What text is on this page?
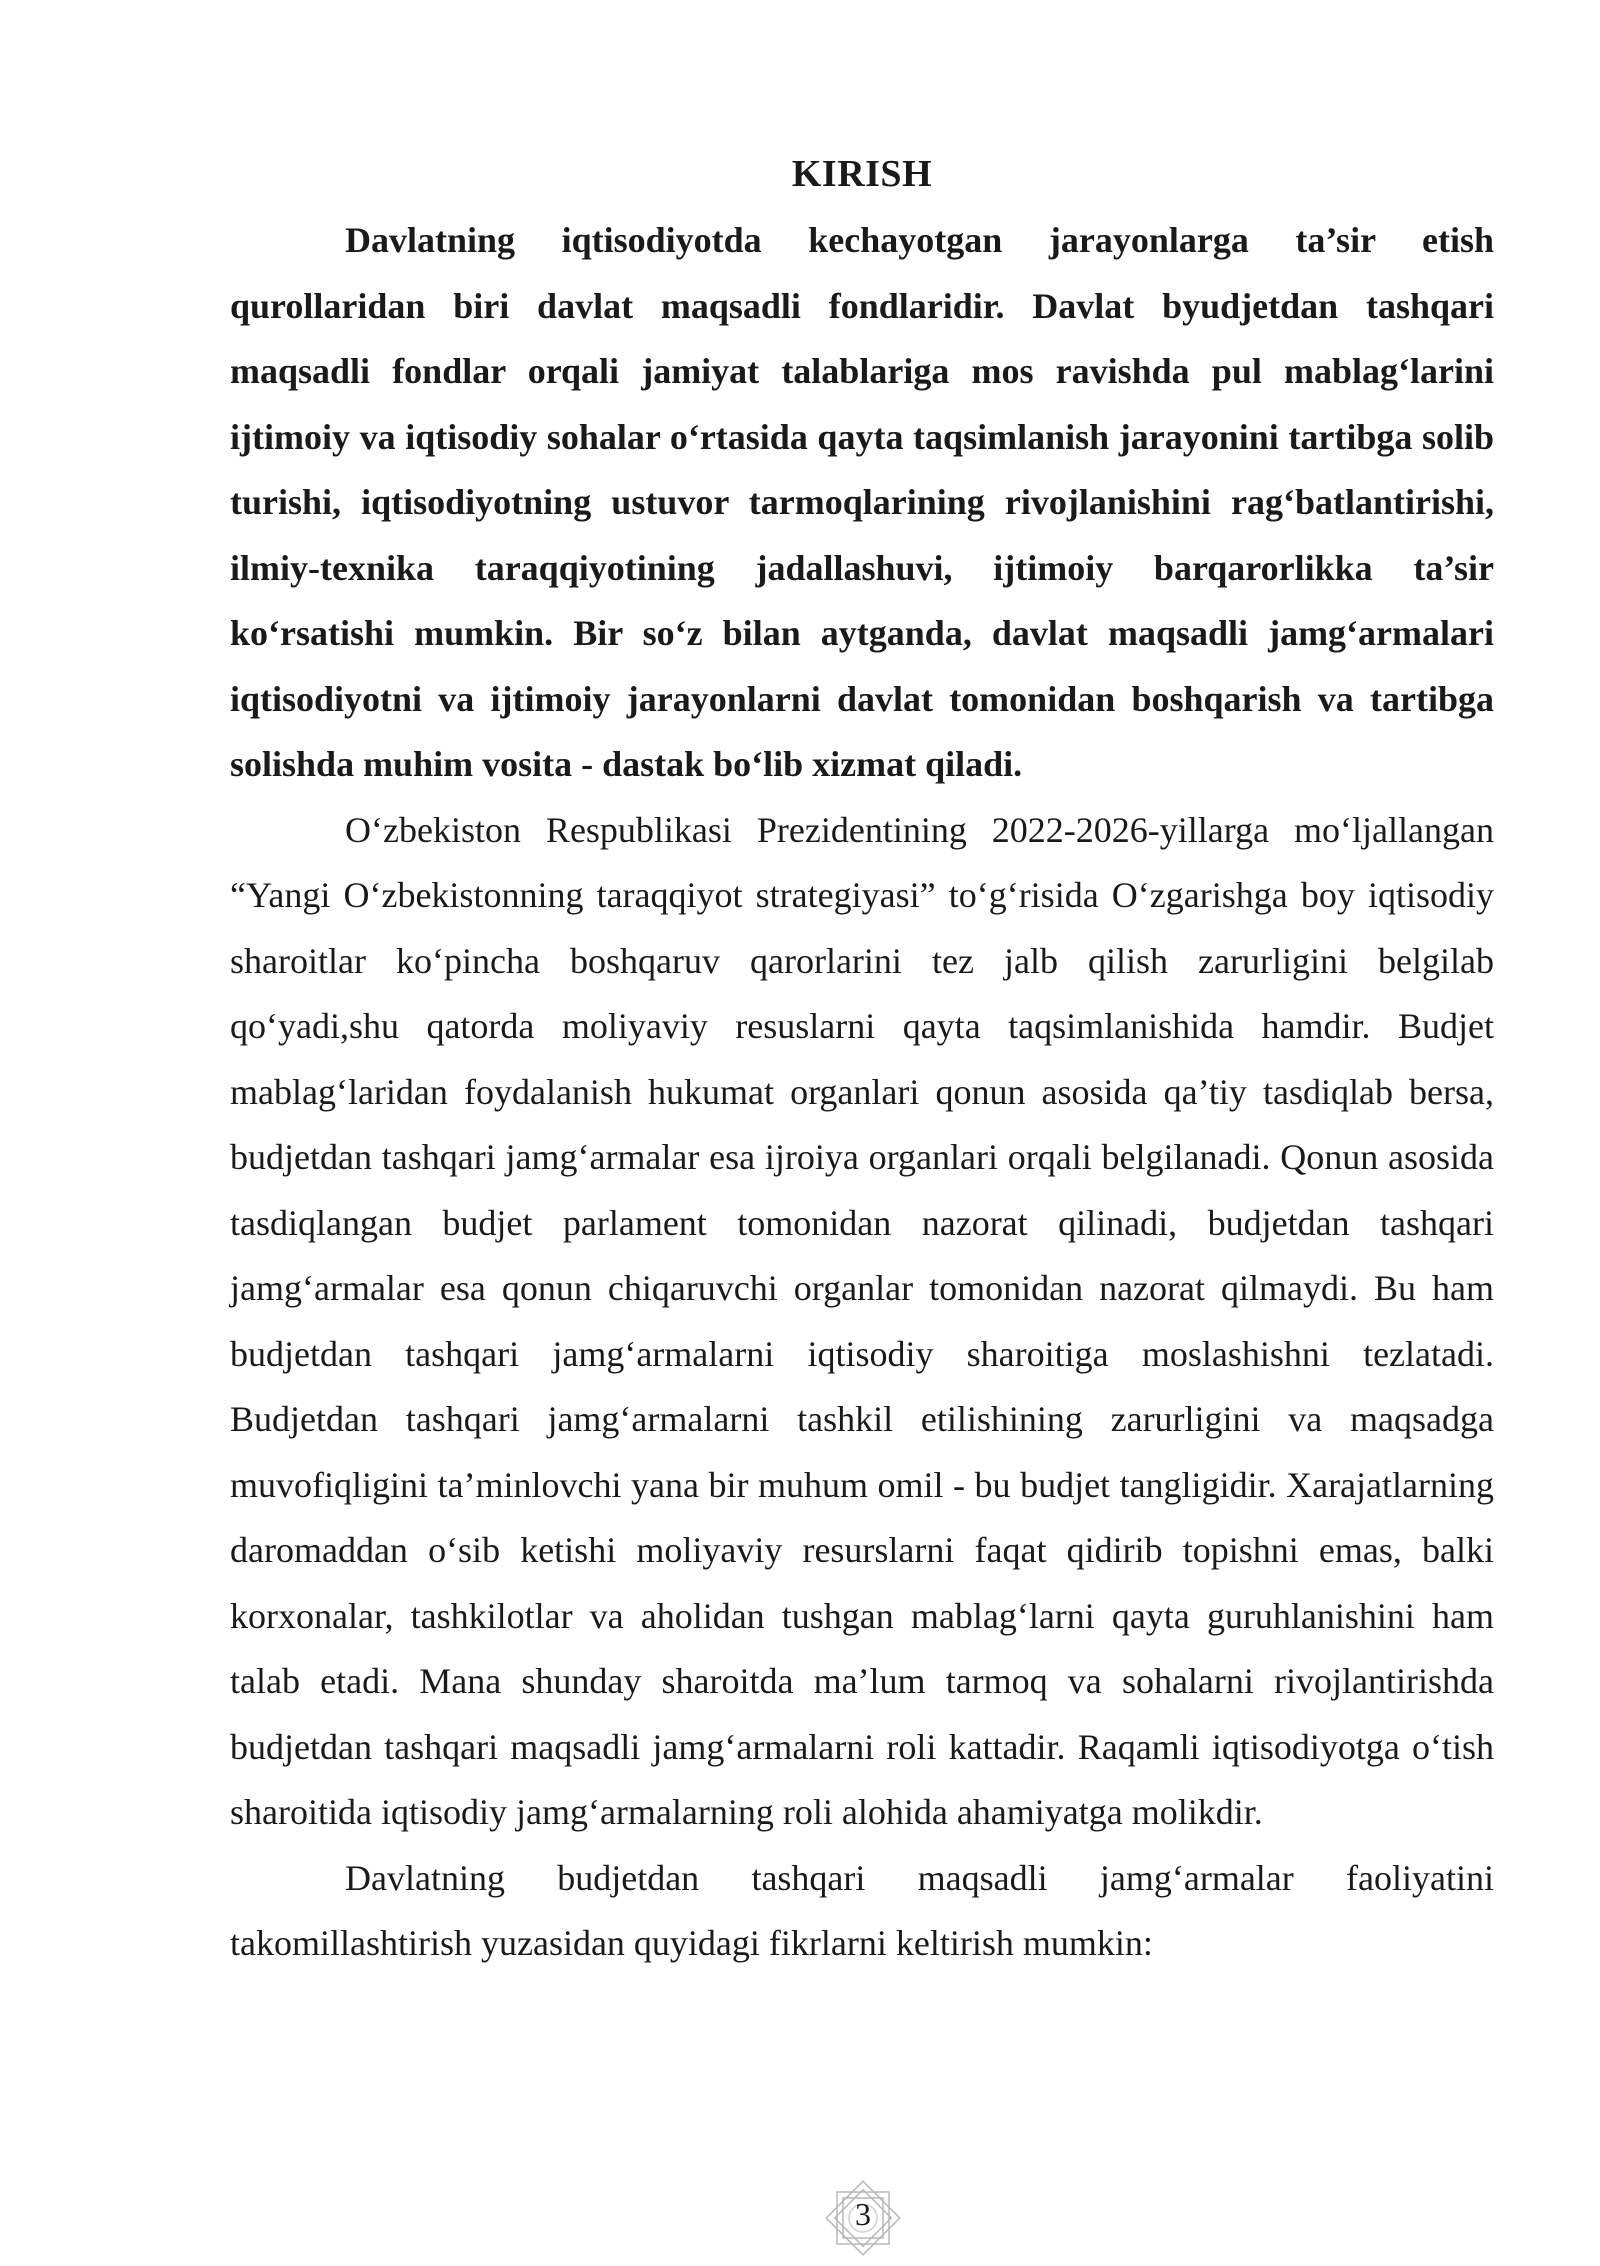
KIRISH

Davlatning iqtisodiyotda kechayotgan jarayonlarga ta’sir etish qurollaridan biri davlat maqsadli fondlaridir. Davlat byudjetdan tashqari maqsadli fondlar orqali jamiyat talablariga mos ravishda pul mablag‘larini ijtimoiy va iqtisodiy sohalar o‘rtasida qayta taqsimlanish jarayonini tartibga solib turishi, iqtisodiyotning ustuvor tarmoqlarining rivojlanishini rag‘batlantirishi, ilmiy-texnika taraqqiyotining jadallashuvi, ijtimoiy barqarorlikka ta’sir ko‘rsatishi mumkin. Bir so‘z bilan aytganda, davlat maqsadli jamg‘armalari iqtisodiyotni va ijtimoiy jarayonlarni davlat tomonidan boshqarish va tartibga solishda muhim vosita - dastak bo‘lib xizmat qiladi.

O‘zbekiston Respublikasi Prezidentining 2022-2026-yillarga mo‘ljallangan “Yangi O‘zbekistonning taraqqiyot strategiyasi” to‘g‘risida O‘zgarishga boy iqtisodiy sharoitlar ko‘pincha boshqaruv qarorlarini tez jalb qilish zarurligini belgilab qo‘yadi,shu qatorda moliyaviy resuslarni qayta taqsimlanishida hamdir. Budjet mablag‘laridan foydalanish hukumat organlari qonun asosida qa’tiy tasdiqlab bersa, budjetdan tashqari jamg‘armalar esa ijroiya organlari orqali belgilanadi. Qonun asosida tasdiqlangan budjet parlament tomonidan nazorat qilinadi, budjetdan tashqari jamg‘armalar esa qonun chiqaruvchi organlar tomonidan nazorat qilmaydi. Bu ham budjetdan tashqari jamg‘armalarni iqtisodiy sharoitiga moslashishni tezlatadi. Budjetdan tashqari jamg‘armalarni tashkil etilishining zarurligini va maqsadga muvofiqligini ta’minlovchi yana bir muhum omil - bu budjet tangligidir. Xarajatlarning daromaddan o‘sib ketishi moliyaviy resurslarni faqat qidirib topishni emas, balki korxonalar, tashkilotlar va aholidan tushgan mablag‘larni qayta guruhlanishini ham talab etadi. Mana shunday sharoitda ma’lum tarmoq va sohalarni rivojlantirishda budjetdan tashqari maqsadli jamg‘armalarni roli kattadir. Raqamli iqtisodiyotga o‘tish sharoitida iqtisodiy jamg‘armalarning roli alohida ahamiyatga molikdir.

Davlatning budjetdan tashqari maqsadli jamg‘armalar faoliyatini takomillashtirish yuzasidan quyidagi fikrlarni keltirish mumkin:

3
